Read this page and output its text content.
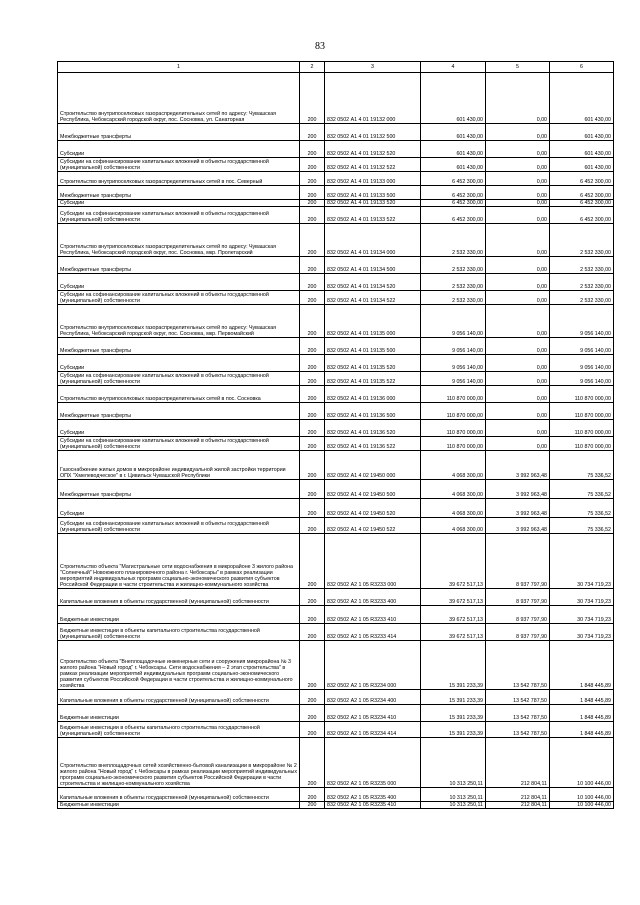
83
1	2	3	4	5	6
Строительство внутрипоселковых газораспределительных сетей по адресу: Чувашская Республика, Чебоксарский городской округ, пос. Сосновка, ул. Санаторная	200	832 0502 А1 4 01 19132 000	601 430,00	0,00	601 430,00
Межбюджетные трансферты	200	832 0502 А1 4 01 19132 500	601 430,00	0,00	601 430,00
Субсидии	200	832 0502 А1 4 01 19132 520	601 430,00	0,00	601 430,00
Субсидии на софинансирование капитальных вложений в объекты государственной (муниципальной) собственности	200	832 0502 А1 4 01 19132 522	601 430,00	0,00	601 430,00
Строительство внутрипоселковых газораспределительных сетей в пос. Северный	200	832 0502 А1 4 01 19133 000	6 452 300,00	0,00	6 452 300,00
Межбюджетные трансферты	200	832 0502 А1 4 01 19133 500	6 452 300,00	0,00	6 452 300,00
Субсидии	200	832 0502 А1 4 01 19133 520	6 452 300,00	0,00	6 452 300,00
Субсидии на софинансирование капитальных вложений в объекты государственной (муниципальной) собственности	200	832 0502 А1 4 01 19133 522	6 452 300,00	0,00	6 452 300,00
Строительство внутрипоселковых газораспределительных сетей по адресу: Чувашская Республика, Чебоксарский городской округ, пос. Сосновка, мкр. Пролетарский	200	832 0502 А1 4 01 19134 000	2 532 330,00	0,00	2 532 330,00
Межбюджетные трансферты	200	832 0502 А1 4 01 19134 500	2 532 330,00	0,00	2 532 330,00
Субсидии	200	832 0502 А1 4 01 19134 520	2 532 330,00	0,00	2 532 330,00
Субсидии на софинансирование капитальных вложений в объекты государственной (муниципальной) собственности	200	832 0502 А1 4 01 19134 522	2 532 330,00	0,00	2 532 330,00
Строительство внутрипоселковых газораспределительных сетей по адресу: Чувашская Республика, Чебоксарский городской округ, пос. Сосновка, мкр. Первомайский	200	832 0502 А1 4 01 19135 000	9 056 140,00	0,00	9 056 140,00
Межбюджетные трансферты	200	832 0502 А1 4 01 19135 500	9 056 140,00	0,00	9 056 140,00
Субсидии	200	832 0502 А1 4 01 19135 520	9 056 140,00	0,00	9 056 140,00
Субсидии на софинансирование капитальных вложений в объекты государственной (муниципальной) собственности	200	832 0502 А1 4 01 19135 522	9 056 140,00	0,00	9 056 140,00
Строительство внутрипоселковых газораспределительных сетей в пос. Сосновка	200	832 0502 А1 4 01 19136 000	110 870 000,00	0,00	110 870 000,00
Межбюджетные трансферты	200	832 0502 А1 4 01 19136 500	110 870 000,00	0,00	110 870 000,00
Субсидии	200	832 0502 А1 4 01 19136 520	110 870 000,00	0,00	110 870 000,00
Субсидии на софинансирование капитальных вложений в объекты государственной (муниципальной) собственности	200	832 0502 А1 4 01 19136 522	110 870 000,00	0,00	110 870 000,00
Газоснабжение жилых домов в микрорайоне индивидуальной жилой застройки территории ОПХ "Хмелеводческое" в г. Цивильск Чувашской Республики	200	832 0502 А1 4 02 19450 000	4 068 300,00	3 992 963,48	75 336,52
Межбюджетные трансферты	200	832 0502 А1 4 02 19450 500	4 068 300,00	3 992 963,48	75 336,52
Субсидии	200	832 0502 А1 4 02 19450 520	4 068 300,00	3 992 963,48	75 336,52
Субсидии на софинансирование капитальных вложений в объекты государственной (муниципальной) собственности	200	832 0502 А1 4 02 19450 522	4 068 300,00	3 992 963,48	75 336,52
Строительство объекта "Магистральные сети водоснабжения в микрорайоне 3 жилого района "Солнечный" Новоюжного планировочного района г. Чебоксары" в рамках реализации мероприятий индивидуальных программ социально-экономического развития субъектов Российской Федерации в части строительства и жилищно-коммунального хозяйства	200	832 0502 А2 1 05 R3233 000	39 672 517,13	8 937 797,90	30 734 719,23
Капитальные вложения в объекты государственной (муниципальной) собственности	200	832 0502 А2 1 05 R3233 400	39 672 517,13	8 937 797,90	30 734 719,23
Бюджетные инвестиции	200	832 0502 А2 1 05 R3233 410	39 672 517,13	8 937 797,90	30 734 719,23
Бюджетные инвестиции в объекты капитального строительства государственной (муниципальной) собственности	200	832 0502 А2 1 05 R3233 414	39 672 517,13	8 937 797,90	30 734 719,23
Строительство объекта "Внеплощадочные инженерные сети и сооружения микрорайона № 3 жилого района "Новый город" г. Чебоксары. Сети водоснабжения – 2 этап строительства" в рамках реализации мероприятий индивидуальных программ социально-экономического развития субъектов Российской Федерации в части строительства и жилищно-коммунального хозяйства	200	832 0502 А2 1 05 R3234 000	15 391 233,39	13 542 787,50	1 848 445,89
Капитальные вложения в объекты государственной (муниципальной) собственности	200	832 0502 А2 1 05 R3234 400	15 391 233,39	13 542 787,50	1 848 445,89
Бюджетные инвестиции	200	832 0502 А2 1 05 R3234 410	15 391 233,39	13 542 787,50	1 848 445,89
Бюджетные инвестиции в объекты капитального строительства государственной (муниципальной) собственности	200	832 0502 А2 1 05 R3234 414	15 391 233,39	13 542 787,50	1 848 445,89
Строительство внеплощадочных сетей хозяйственно-бытовой канализации в микрорайоне № 2 жилого района "Новый город" г. Чебоксары в рамках реализации мероприятий индивидуальных программ социально-экономического развития субъектов Российской Федерации в части строительства и жилищно-коммунального хозяйства	200	832 0502 А2 1 05 R3235 000	10 313 250,11	212 804,11	10 100 446,00
Капитальные вложения в объекты государственной (муниципальной) собственности	200	832 0502 А2 1 05 R3235 400	10 313 250,11	212 804,11	10 100 446,00
Бюджетные инвестиции	200	832 0502 А2 1 05 R3235 410	10 313 250,11	212 804,11	10 100 446,00
